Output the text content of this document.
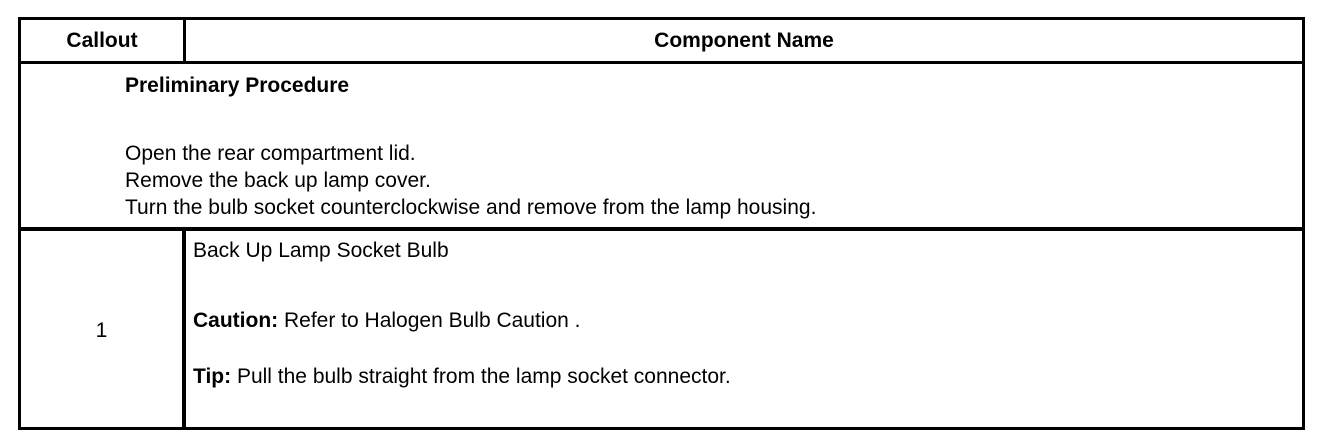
Callout	Component Name
Preliminary Procedure
Open the rear compartment lid.
Remove the back up lamp cover.
Turn the bulb socket counterclockwise and remove from the lamp housing.
1
Back Up Lamp Socket Bulb
Caution: Refer to Halogen Bulb Caution .
Tip: Pull the bulb straight from the lamp socket connector.
